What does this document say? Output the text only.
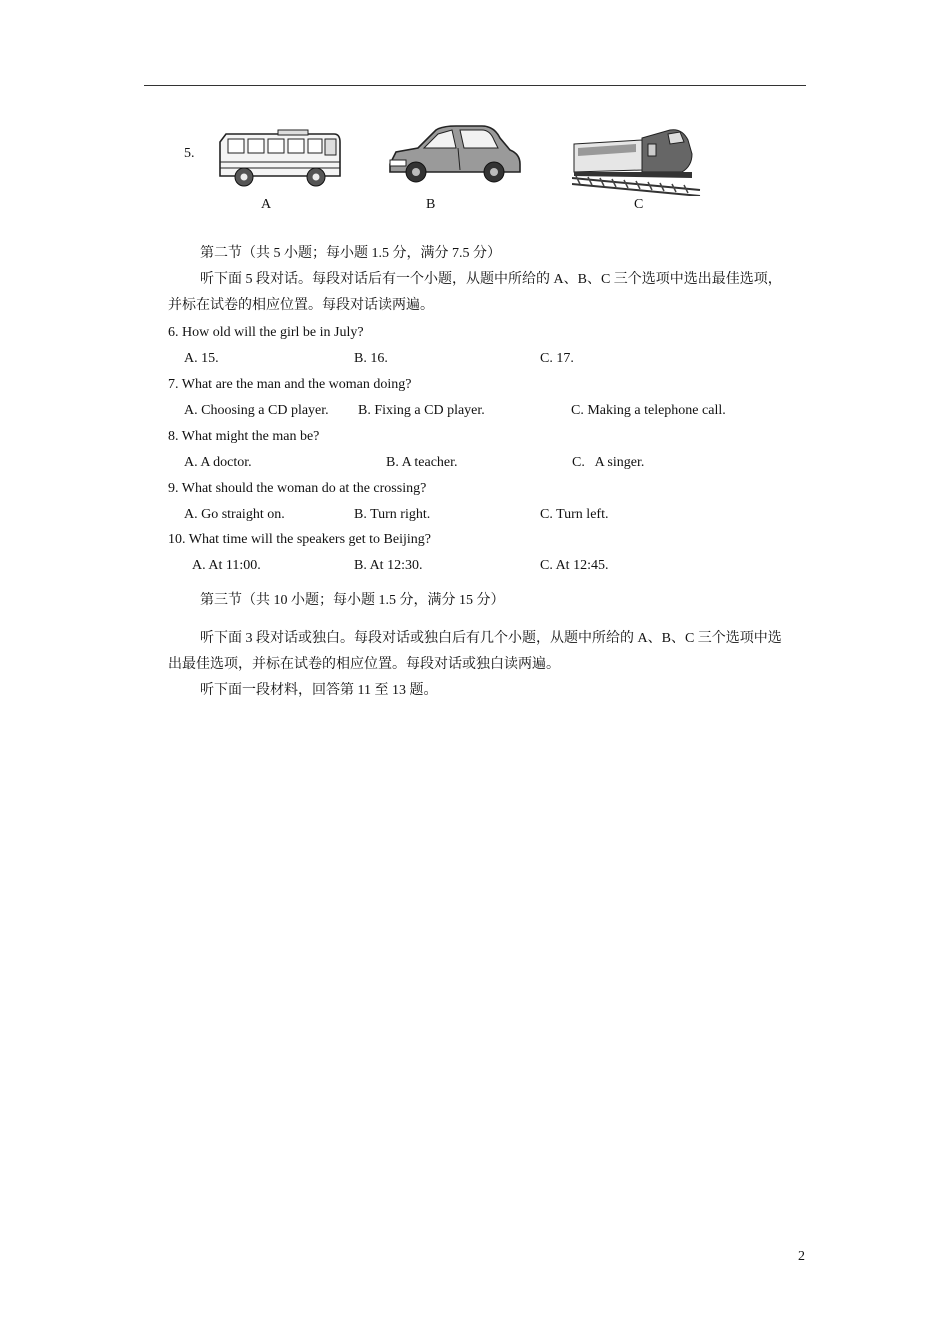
5.
A	B	C
第二节（共 5 小题；每小题 1.5 分，满分 7.5 分）
听下面 5 段对话。每段对话后有一个小题，从题中所给的 A、B、C 三个选项中选出最佳选项，并标在试卷的相应位置。每段对话读两遍。
6. How old will the girl be in July?
A. 15.	B. 16.	C. 17.
7. What are the man and the woman doing?
A. Choosing a CD player. B. Fixing a CD player.	C. Making a telephone call.
8. What might the man be?
A. A doctor.	B. A teacher.	C.   A singer.
9. What should the woman do at the crossing?
A. Go straight on.	B. Turn right.	C. Turn left.
10. What time will the speakers get to Beijing?
A. At 11:00.	B. At 12:30.	C. At 12:45.
第三节（共 10 小题；每小题 1.5 分，满分 15 分）
听下面 3 段对话或独白。每段对话或独白后有几个小题，从题中所给的 A、B、C 三个选项中选出最佳选项，并标在试卷的相应位置。每段对话或独白读两遍。
听下面一段材料，回答第 11 至 13 题。
2
